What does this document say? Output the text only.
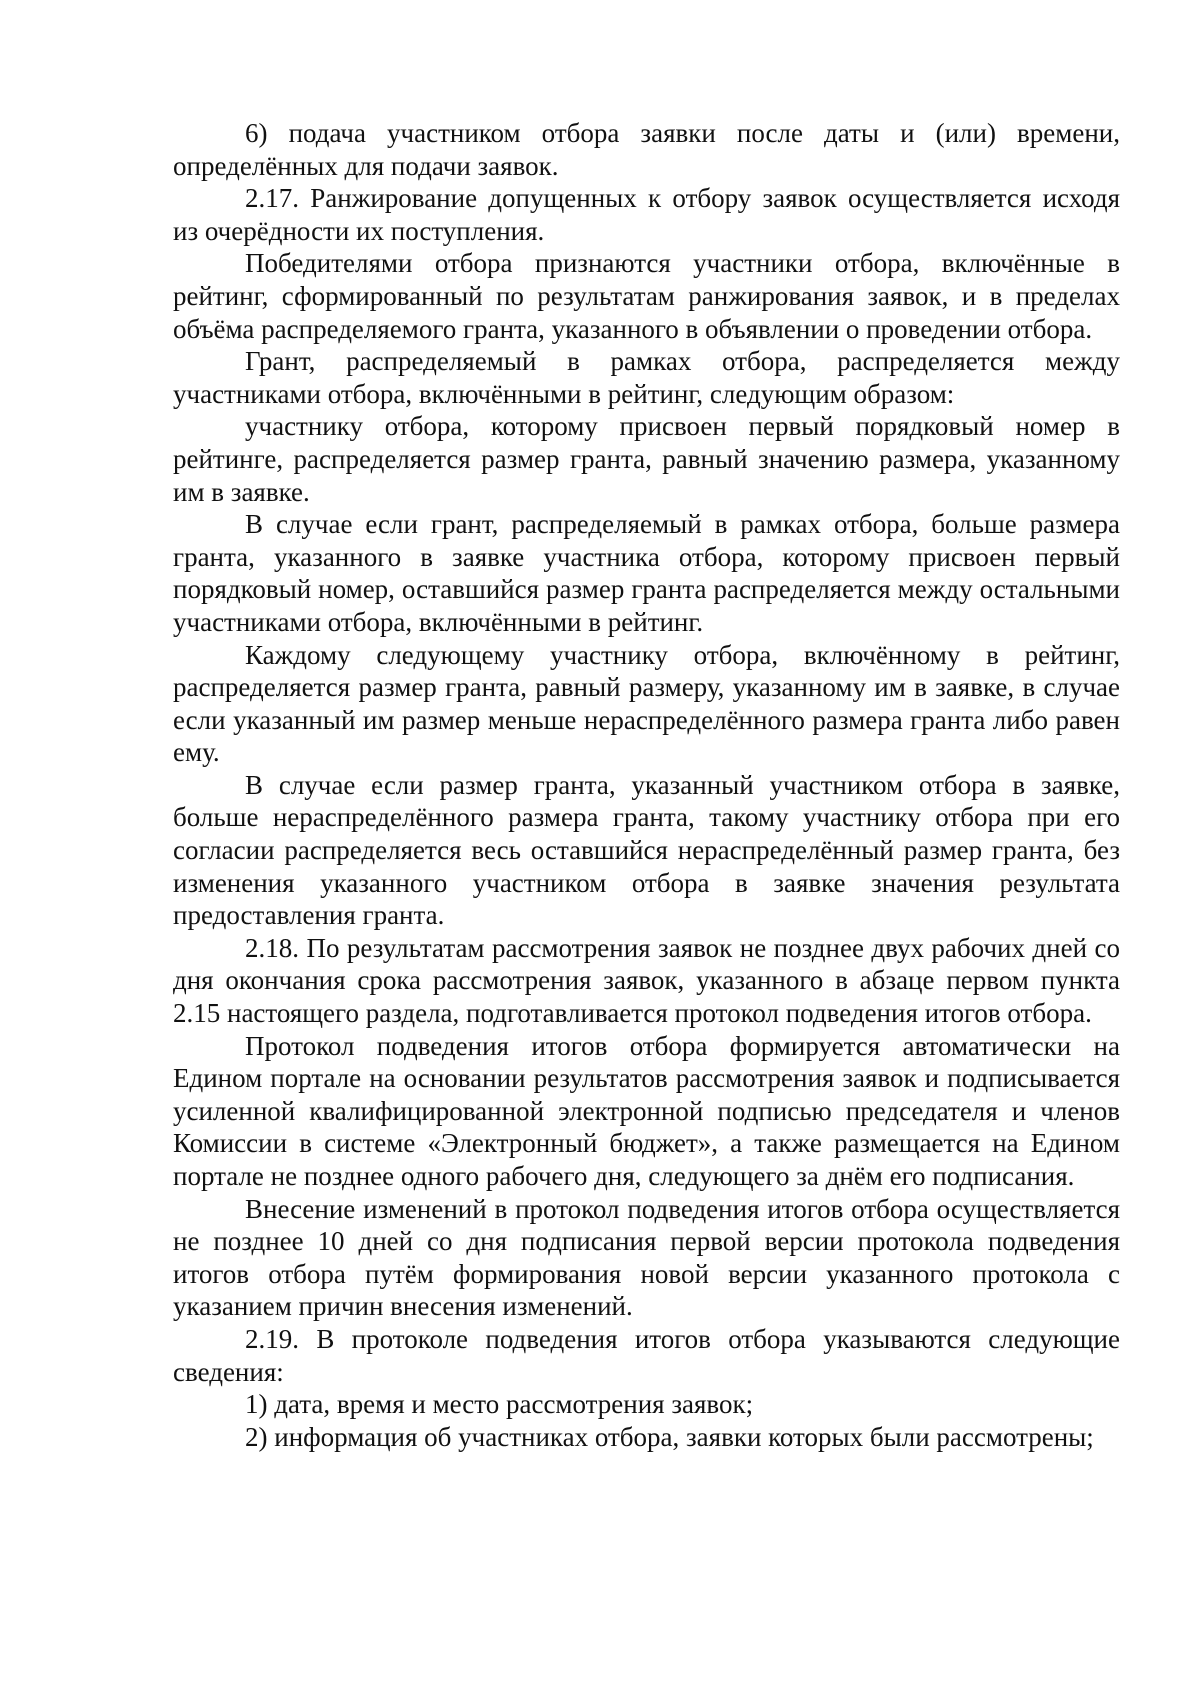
6) подача участником отбора заявки после даты и (или) времени, определённых для подачи заявок.

2.17. Ранжирование допущенных к отбору заявок осуществляется исходя из очерёдности их поступления.

Победителями отбора признаются участники отбора, включённые в рейтинг, сформированный по результатам ранжирования заявок, и в пределах объёма распределяемого гранта, указанного в объявлении о проведении отбора.

Грант, распределяемый в рамках отбора, распределяется между участниками отбора, включёнными в рейтинг, следующим образом:

участнику отбора, которому присвоен первый порядковый номер в рейтинге, распределяется размер гранта, равный значению размера, указанному им в заявке.

В случае если грант, распределяемый в рамках отбора, больше размера гранта, указанного в заявке участника отбора, которому присвоен первый порядковый номер, оставшийся размер гранта распределяется между остальными участниками отбора, включёнными в рейтинг.

Каждому следующему участнику отбора, включённому в рейтинг, распределяется размер гранта, равный размеру, указанному им в заявке, в случае если указанный им размер меньше нераспределённого размера гранта либо равен ему.

В случае если размер гранта, указанный участником отбора в заявке, больше нераспределённого размера гранта, такому участнику отбора при его согласии распределяется весь оставшийся нераспределённый размер гранта, без изменения указанного участником отбора в заявке значения результата предоставления гранта.

2.18. По результатам рассмотрения заявок не позднее двух рабочих дней со дня окончания срока рассмотрения заявок, указанного в абзаце первом пункта 2.15 настоящего раздела, подготавливается протокол подведения итогов отбора.

Протокол подведения итогов отбора формируется автоматически на Едином портале на основании результатов рассмотрения заявок и подписывается усиленной квалифицированной электронной подписью председателя и членов Комиссии в системе «Электронный бюджет», а также размещается на Едином портале не позднее одного рабочего дня, следующего за днём его подписания.

Внесение изменений в протокол подведения итогов отбора осуществляется не позднее 10 дней со дня подписания первой версии протокола подведения итогов отбора путём формирования новой версии указанного протокола с указанием причин внесения изменений.

2.19. В протоколе подведения итогов отбора указываются следующие сведения:

1) дата, время и место рассмотрения заявок;

2) информация об участниках отбора, заявки которых были рассмотрены;
